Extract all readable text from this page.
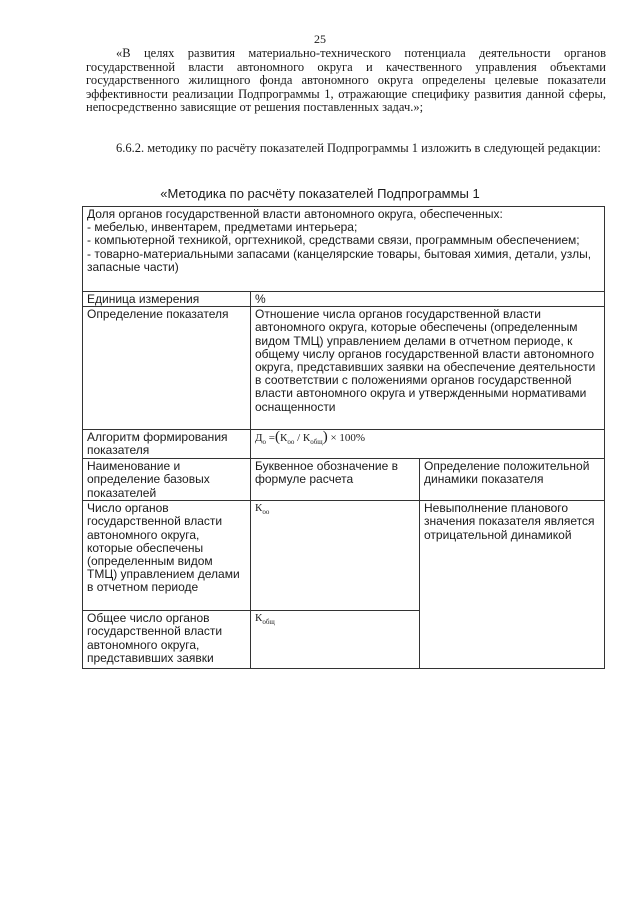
25

«В целях развития материально-технического потенциала деятельности органов государственной власти автономного округа и качественного управления объектами государственного жилищного фонда автономного округа определены целевые показатели эффективности реализации Подпрограммы 1, отражающие специфику развития данной сферы, непосредственно зависящие от решения поставленных задач.»;

6.6.2. методику по расчёту показателей Подпрограммы 1 изложить в следующей редакции:

«Методика по расчёту показателей Подпрограммы 1
Доля органов государственной власти автономного округа, обеспеченных:
- мебелью, инвентарем, предметами интерьера;
- компьютерной техникой, оргтехникой, средствами связи, программным обеспечением;
- товарно-материальными запасами (канцелярские товары, бытовая химия, детали, узлы, запасные части)		

Единица измерения	%	
Определение показателя	Отношение числа органов государственной власти автономного округа, которые обеспечены (определенным видом ТМЦ) управлением делами в отчетном периоде, к общему числу органов государственной власти автономного округа, представивших заявки на обеспечение деятельности в соответствии с положениями органов государственной власти автономного округа и утвержденными нормативами оснащенности	
Алгоритм формирования показателя	$Д_о =(К_{оо} / К_{общ}) \times 100\%$	
Наименование и определение базовых показателей	Буквенное обозначение в формуле расчета	Определение положительной динамики показателя
Число органов государственной власти автономного округа, которые обеспечены (определенным видом ТМЦ) управлением делами в отчетном периоде	$К_{оо}$	Невыполнение планового значения показателя является отрицательной динамикой
Общее число органов государственной власти автономного округа, представивших заявки	$К_{общ}$
